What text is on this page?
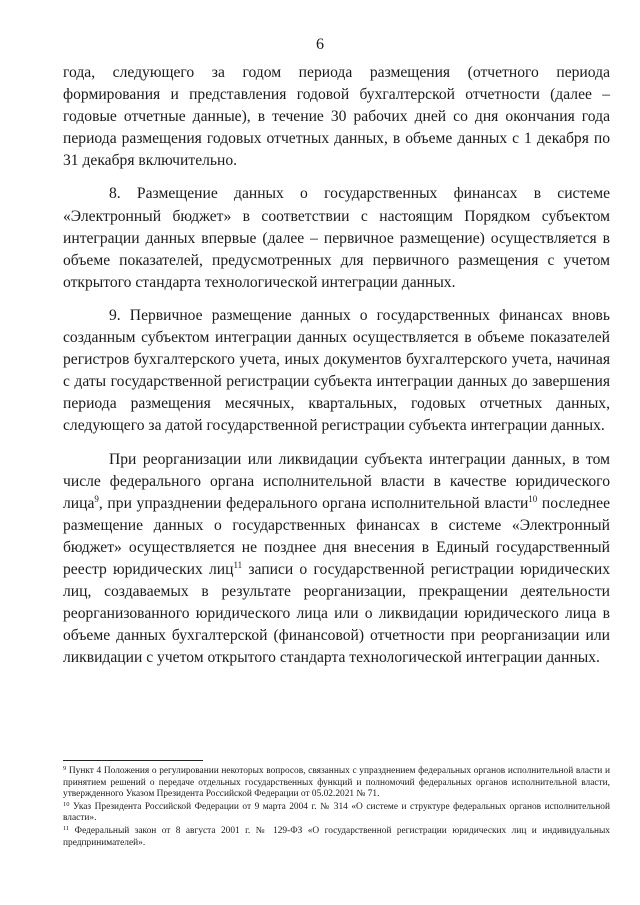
6

года, следующего за годом периода размещения (отчетного периода формирования и представления годовой бухгалтерской отчетности (далее – годовые отчетные данные), в течение 30 рабочих дней со дня окончания года периода размещения годовых отчетных данных, в объеме данных с 1 декабря по 31 декабря включительно.

8. Размещение данных о государственных финансах в системе «Электронный бюджет» в соответствии с настоящим Порядком субъектом интеграции данных впервые (далее – первичное размещение) осуществляется в объеме показателей, предусмотренных для первичного размещения с учетом открытого стандарта технологической интеграции данных.

9. Первичное размещение данных о государственных финансах вновь созданным субъектом интеграции данных осуществляется в объеме показателей регистров бухгалтерского учета, иных документов бухгалтерского учета, начиная с даты государственной регистрации субъекта интеграции данных до завершения периода размещения месячных, квартальных, годовых отчетных данных, следующего за датой государственной регистрации субъекта интеграции данных.

При реорганизации или ликвидации субъекта интеграции данных, в том числе федерального органа исполнительной власти в качестве юридического лица$^9$, при упразднении федерального органа исполнительной власти$^{10}$ последнее размещение данных о государственных финансах в системе «Электронный бюджет» осуществляется не позднее дня внесения в Единый государственный реестр юридических лиц$^{11}$ записи о государственной регистрации юридических лиц, создаваемых в результате реорганизации, прекращении деятельности реорганизованного юридического лица или о ликвидации юридического лица в объеме данных бухгалтерской (финансовой) отчетности при реорганизации или ликвидации с учетом открытого стандарта технологической интеграции данных.

$^9$ Пункт 4 Положения о регулировании некоторых вопросов, связанных с упразднением федеральных органов исполнительной власти и принятием решений о передаче отдельных государственных функций и полномочий федеральных органов исполнительной власти, утвержденного Указом Президента Российской Федерации от 05.02.2021 № 71.
$^{10}$ Указ Президента Российской Федерации от 9 марта 2004 г. № 314 «О системе и структуре федеральных органов исполнительной власти».
$^{11}$ Федеральный закон от 8 августа 2001 г. № 129-ФЗ «О государственной регистрации юридических лиц и индивидуальных предпринимателей».
